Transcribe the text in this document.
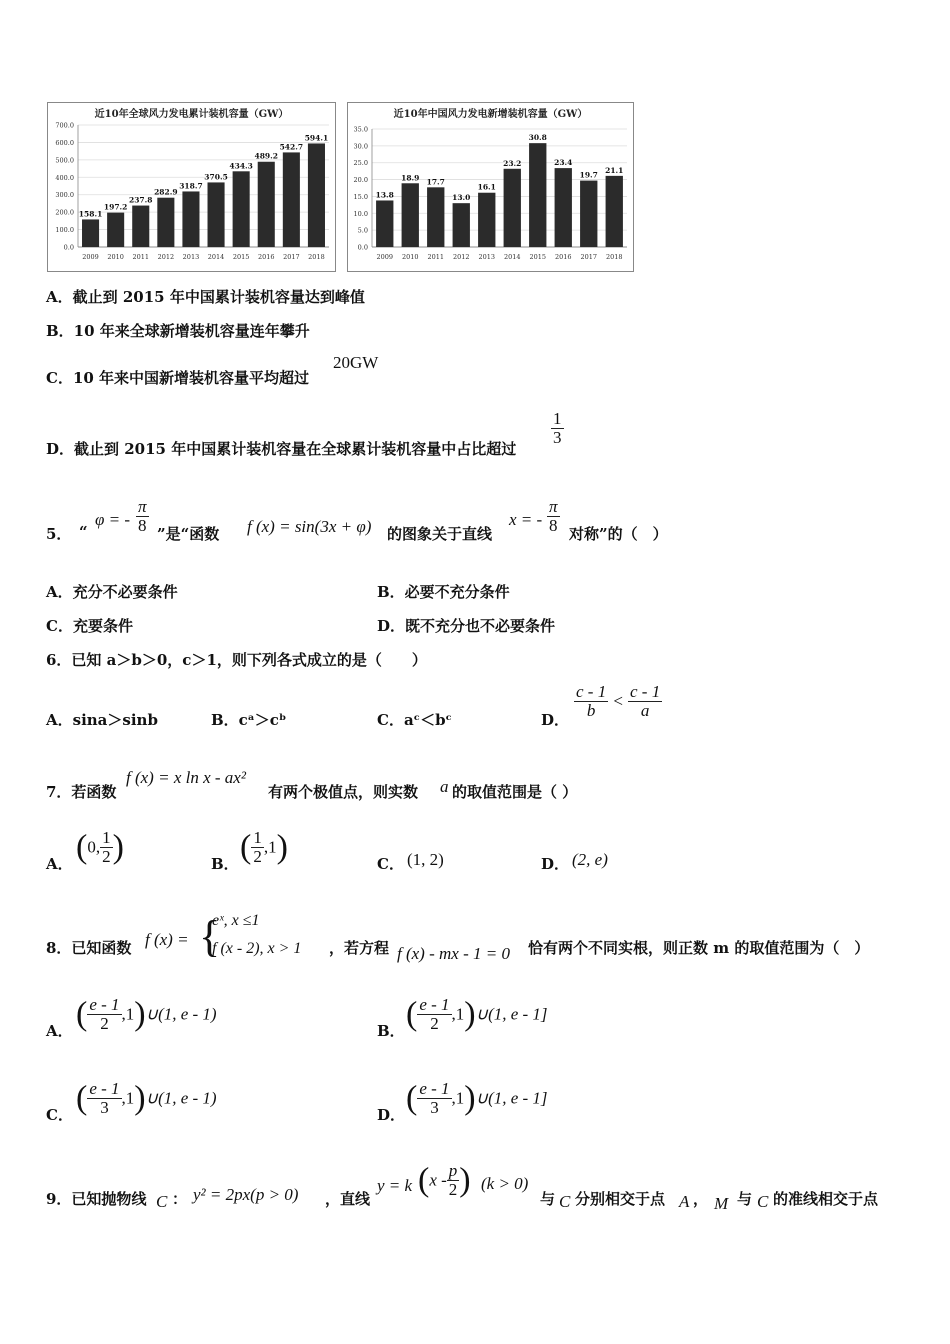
近10年全球风力发电累计装机容量（GW）
0.0
100.0
200.0
300.0
400.0
500.0
600.0
700.0
158.1
2009
197.2
2010
237.8
2011
282.9
2012
318.7
2013
370.5
2014
434.3
2015
489.2
2016
542.7
2017
594.1
2018
近10年中国风力发电新增装机容量（GW）
0.0
5.0
10.0
15.0
20.0
25.0
30.0
35.0
13.8
2009
18.9
2010
17.7
2011
13.0
2012
16.1
2013
23.2
2014
30.8
2015
23.4
2016
19.7
2017
21.1
2018
A．截止到 2015 年中国累计装机容量达到峰值
B．10 年来全球新增装机容量连年攀升
C．10 年来中国新增装机容量平均超过
20GW
D．截止到 2015 年中国累计装机容量在全球累计装机容量中占比超过
$\frac{1}{3}$
5． “
φ = - $\frac{\pi}{8}$ ”是“函数 f (x) = sin(3x + φ) 的图象关于直线
x = - $\frac{\pi}{8}$ 对称”的（　）
A．充分不必要条件	B．必要不充分条件
C．充要条件	D．既不充分也不必要条件
6．已知 a＞b＞0，c＞1，则下列各式成立的是（　　）
A．sina＞sinb	B．cᵃ＞cᵇ	C．aᶜ＜bᶜ	D． $\frac{c - 1}{b} < \frac{c - 1}{a}$
7．若函数
f (x) = x ln x - ax²
有两个极值点，则实数 a 的取值范围是（ ）
A． (0, $\frac{1}{2}$ )	B． ( $\frac{1}{2} ,1$)	C． (1, 2)	D． (2, e)
8．已知函数 f (x) = {
eˣ, x ≤1
f (x - 2), x > 1 ，若方程 f (x) - mx - 1 = 0 恰有两个不同实根，则正数 m 的取值范围为（　）
A． ( $\frac{e - 1}{2}$ ,1)∪(1, e - 1)
B． ( $\frac{e - 1}{2}$ ,1)∪(1, e - 1]
C． ( $\frac{e - 1}{3}$ ,1)∪(1, e - 1)
D． ( $\frac{e - 1}{3}$ ,1)∪(1, e - 1]
9．已知抛物线 C ： y² = 2px(p > 0) ，直线
y = k ($x - \frac{p}{2}$ ) (k > 0)
与 C 分别相交于点 A ， M 与 C 的准线相交于点
